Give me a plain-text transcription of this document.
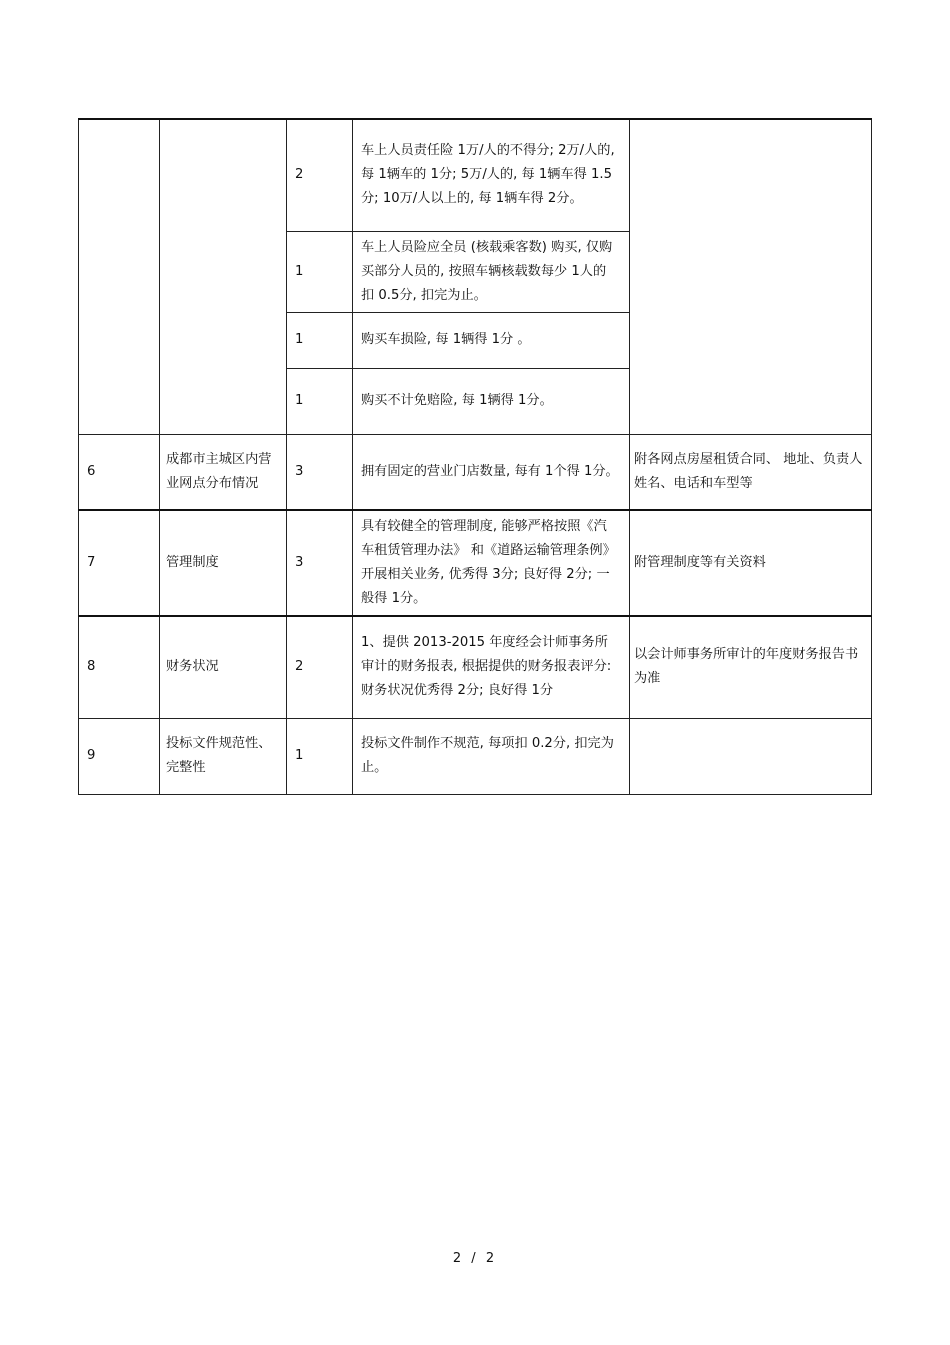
		2	车上人员责任险 1万/人的不得分; 2万/人的, 每 1辆车的 1分; 5万/人的, 每 1辆车得 1.5分; 10万/人以上的, 每 1辆车得 2分。	
		1	车上人员险应全员 (核载乘客数) 购买, 仅购买部分人员的, 按照车辆核载数每少 1人的扣 0.5分, 扣完为止。	
		1	购买车损险, 每 1辆得 1分 。	
		1	购买不计免赔险, 每 1辆得 1分。	
6	成都市主城区内营业网点分布情况	3	拥有固定的营业门店数量, 每有 1个得 1分。	附各网点房屋租赁合同、 地址、负责人姓名、电话和车型等
7	管理制度	3	具有较健全的管理制度, 能够严格按照《汽车租赁管理办法》 和《道路运输管理条例》 开展相关业务, 优秀得 3分; 良好得 2分; 一般得 1分。	附管理制度等有关资料
8	财务状况	2	1、提供 2013-2015 年度经会计师事务所审计的财务报表, 根据提供的财务报表评分: 财务状况优秀得 2分; 良好得 1分	以会计师事务所审计的年度财务报告书为准
9	投标文件规范性、完整性	1	投标文件制作不规范, 每项扣 0.2分, 扣完为止。	
2 / 2
